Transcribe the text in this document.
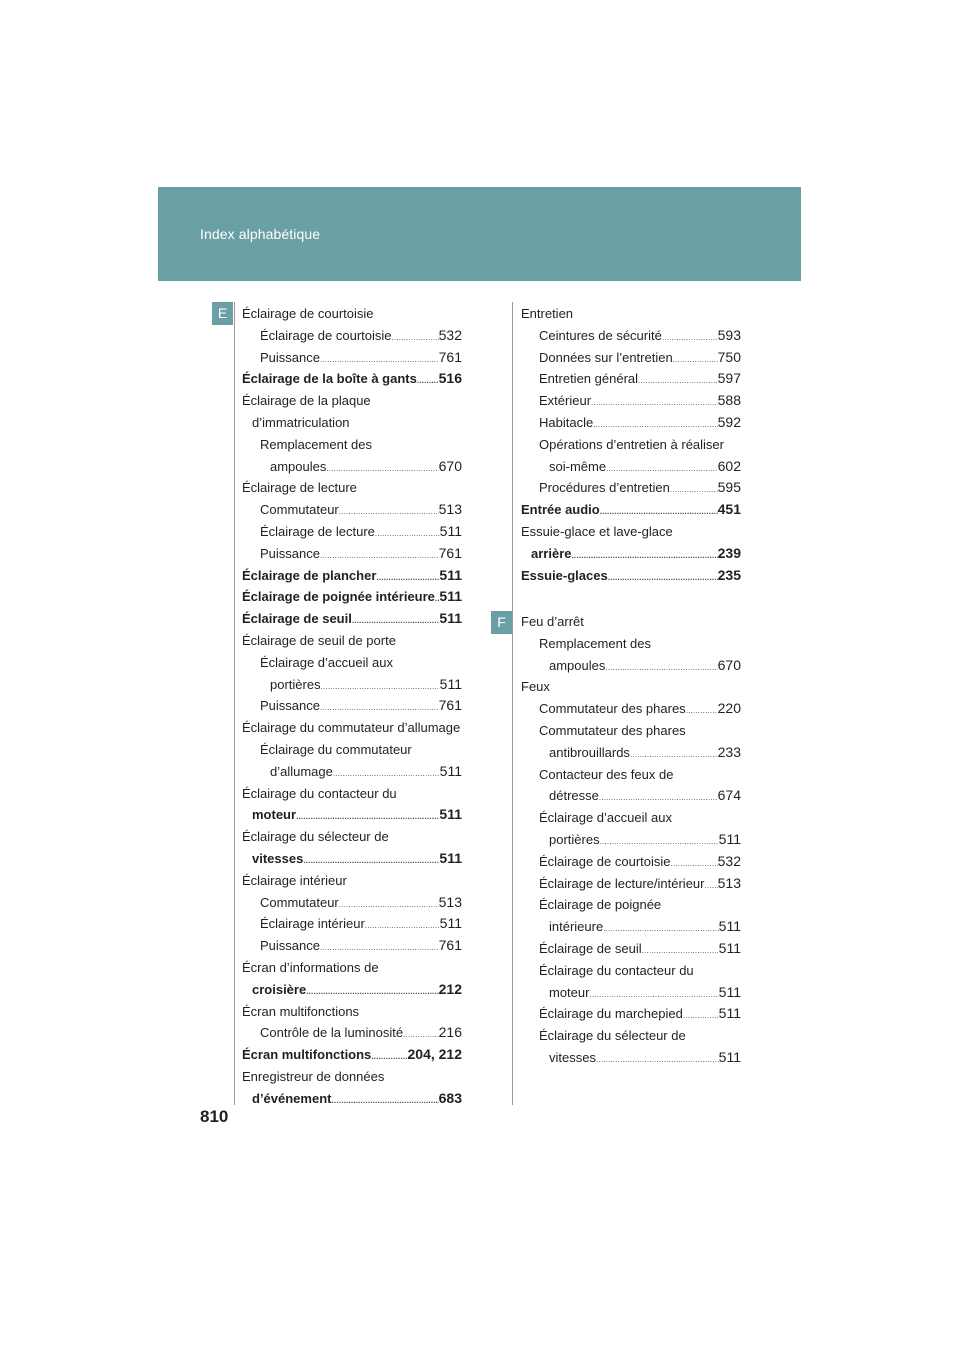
Index alphabétique
E
F
Éclairage de courtoisie
Éclairage de courtoisie .....	532
Puissance .....	761
Éclairage de la boîte à gants ..... 516
Éclairage de la plaque
d’immatriculation
Remplacement des
ampoules .....	670
Éclairage de lecture
Commutateur .....	513
Éclairage de lecture .....	511
Puissance .....	761
Éclairage de plancher .....	511
Éclairage de poignée intérieure ..... 511
Éclairage de seuil .....	511
Éclairage de seuil de porte
Éclairage d’accueil aux
portières .....	511
Puissance .....	761
Éclairage du commutateur d’allumage
Éclairage du commutateur
d’allumage .....	511
Éclairage du contacteur du
moteur .....	511
Éclairage du sélecteur de
vitesses .....	511
Éclairage intérieur
Commutateur .....	513
Éclairage intérieur .....	511
Puissance .....	761
Écran d’informations de
croisière .....	212
Écran multifonctions
Contrôle de la luminosité .....	216
Écran multifonctions .....	204, 212
Enregistreur de données
d’événement .....	683
Entretien
Ceintures de sécurité .....	593
Données sur l’entretien .....	750
Entretien général .....	597
Extérieur .....	588
Habitacle .....	592
Opérations d’entretien à réaliser
soi-même .....	602
Procédures d’entretien .....	595
Entrée audio .....	451
Essuie-glace et lave-glace
arrière .....	239
Essuie-glaces .....	235
Feu d’arrêt
Remplacement des
ampoules .....	670
Feux
Commutateur des phares ..... 220
Commutateur des phares
antibrouillards .....	233
Contacteur des feux de
détresse .....	674
Éclairage d’accueil aux
portières .....	511
Éclairage de courtoisie .....	532
Éclairage de lecture/intérieur ..... 513
Éclairage de poignée
intérieure .....	511
Éclairage de seuil .....	511
Éclairage du contacteur du
moteur .....	511
Éclairage du marchepied .....	511
Éclairage du sélecteur de
vitesses .....	511
810
